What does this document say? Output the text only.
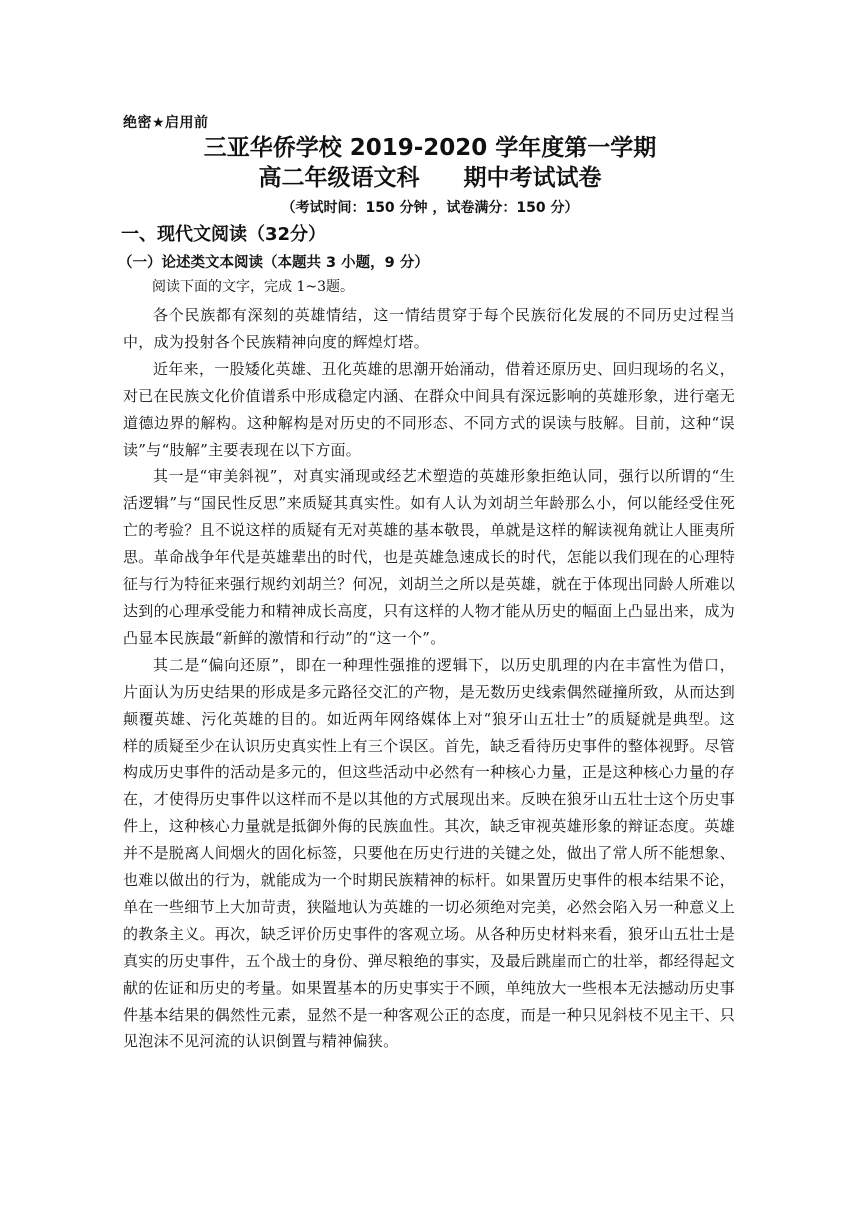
绝密★启用前
三亚华侨学校 2019-2020 学年度第一学期
高二年级语文科 期中考试试卷
（考试时间：150 分钟 ，试卷满分：150 分）
一、现代文阅读（32分）
（一）论述类文本阅读（本题共 3 小题，9 分）
阅读下面的文字，完成 1~3题。

各个民族都有深刻的英雄情结，这一情结贯穿于每个民族衍化发展的不同历史过程当中，成为投射各个民族精神向度的辉煌灯塔。

近年来，一股矮化英雄、丑化英雄的思潮开始涌动，借着还原历史、回归现场的名义，对已在民族文化价值谱系中形成稳定内涵、在群众中间具有深远影响的英雄形象，进行毫无道德边界的解构。这种解构是对历史的不同形态、不同方式的误读与肢解。目前，这种“误读”与“肢解”主要表现在以下方面。

其一是“审美斜视”，对真实涌现或经艺术塑造的英雄形象拒绝认同，强行以所谓的“生活逻辑”与“国民性反思”来质疑其真实性。如有人认为刘胡兰年龄那么小，何以能经受住死亡的考验？且不说这样的质疑有无对英雄的基本敬畏，单就是这样的解读视角就让人匪夷所思。革命战争年代是英雄辈出的时代，也是英雄急速成长的时代，怎能以我们现在的心理特征与行为特征来强行规约刘胡兰？何况，刘胡兰之所以是英雄，就在于体现出同龄人所难以达到的心理承受能力和精神成长高度，只有这样的人物才能从历史的幅面上凸显出来，成为凸显本民族最“新鲜的激情和行动”的“这一个”。

其二是“偏向还原”，即在一种理性强推的逻辑下，以历史肌理的内在丰富性为借口，片面认为历史结果的形成是多元路径交汇的产物，是无数历史线索偶然碰撞所致，从而达到颠覆英雄、污化英雄的目的。如近两年网络媒体上对“狼牙山五壮士”的质疑就是典型。这样的质疑至少在认识历史真实性上有三个误区。首先，缺乏看待历史事件的整体视野。尽管构成历史事件的活动是多元的，但这些活动中必然有一种核心力量，正是这种核心力量的存在，才使得历史事件以这样而不是以其他的方式展现出来。反映在狼牙山五壮士这个历史事件上，这种核心力量就是抵御外侮的民族血性。其次，缺乏审视英雄形象的辩证态度。英雄并不是脱离人间烟火的固化标签，只要他在历史行进的关键之处，做出了常人所不能想象、也难以做出的行为，就能成为一个时期民族精神的标杆。如果置历史事件的根本结果不论，单在一些细节上大加苛责，狭隘地认为英雄的一切必须绝对完美，必然会陷入另一种意义上的教条主义。再次，缺乏评价历史事件的客观立场。从各种历史材料来看，狼牙山五壮士是真实的历史事件，五个战士的身份、弹尽粮绝的事实，及最后跳崖而亡的壮举，都经得起文献的佐证和历史的考量。如果置基本的历史事实于不顾，单纯放大一些根本无法撼动历史事件基本结果的偶然性元素，显然不是一种客观公正的态度，而是一种只见斜枝不见主干、只见泡沫不见河流的认识倒置与精神偏狭。
